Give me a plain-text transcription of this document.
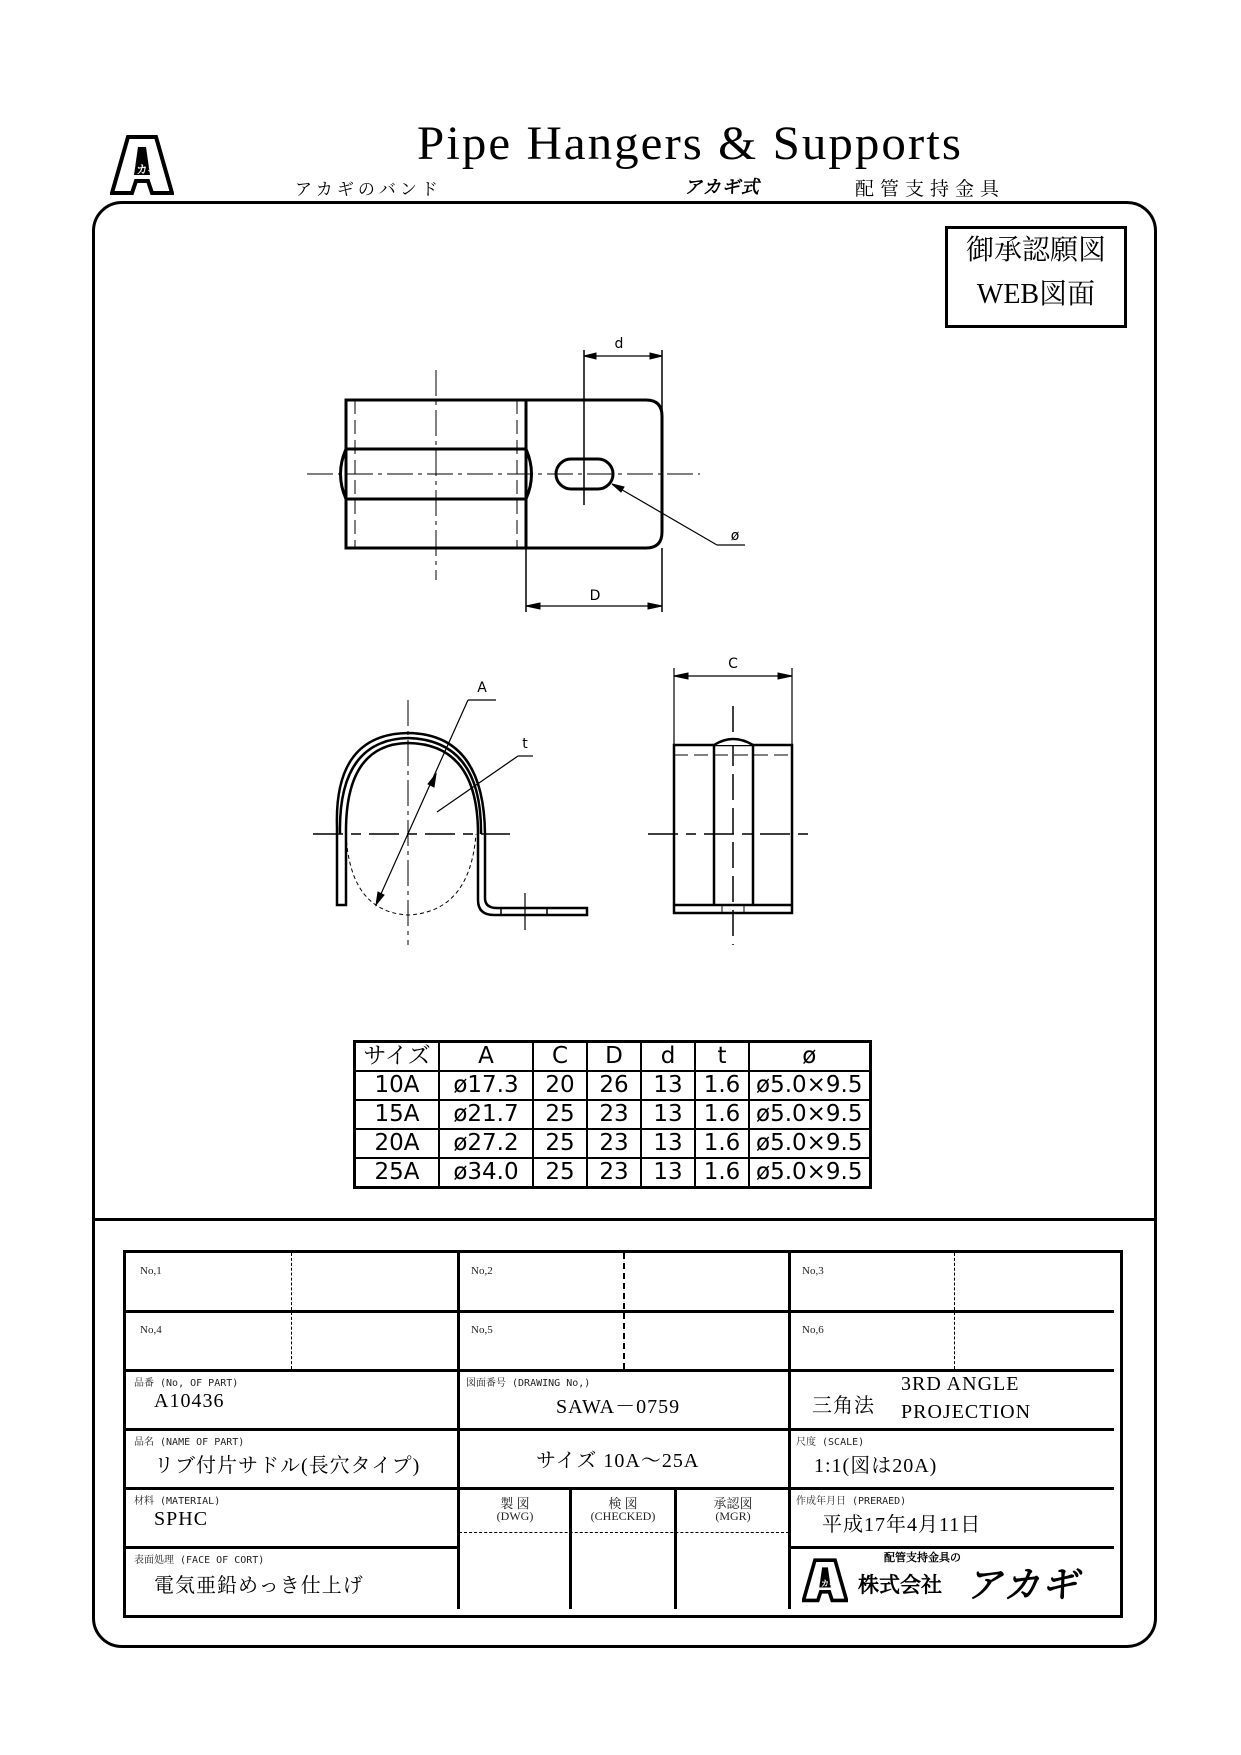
アカギ	Pipe Hangers & Supports
アカギのバンド	アカギ式	配管支持金具
御承認願図
WEB図面
d
D
ø
A
t
C
サイズ	A	C	D	d	t	ø
10A	ø17.3	20	26	13	1.6	ø5.0×9.5
15A	ø21.7	25	23	13	1.6	ø5.0×9.5
20A	ø27.2	25	23	13	1.6	ø5.0×9.5
25A	ø34.0	25	23	13	1.6	ø5.0×9.5
No,1	No,2	No,3
No,4	No,5	No,6
品番 (No, OF PART)
A10436
図面番号 (DRAWING No,)
SAWA－0759	三角法
3RD ANGLE
PROJECTION
品名 (NAME OF PART)
リブ付片サドル(長穴タイプ)	サイズ 10A～25A
尺度 (SCALE)
1:1(図は20A)
材料 (MATERIAL)
SPHC
表面処理 (FACE OF CORT)
電気亜鉛めっき仕上げ
製 図
(DWG)
検 図
(CHECKED)
承認図
(MGR)
作成年月日 (PRERAED)
平成17年4月11日
アカギ
配管支持金具の
株式会社 アカギ
